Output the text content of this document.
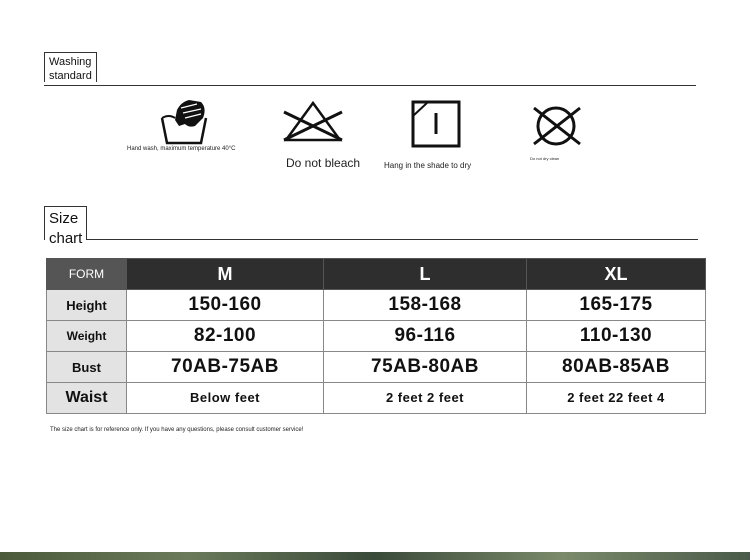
Washing standard
Hand wash, maximum temperature 40°C
Do not bleach	Hang in the shade to dry
Do not dry clean
Size chart
FORM	M	L	XL
Height	150-160	158-168	165-175
Weight	82-100	96-116	110-130
Bust	70AB-75AB	75AB-80AB	80AB-85AB
Waist	Below feet	2 feet 2 feet	2 feet 22 feet 4
The size chart is for reference only. If you have any questions, please consult customer service!
